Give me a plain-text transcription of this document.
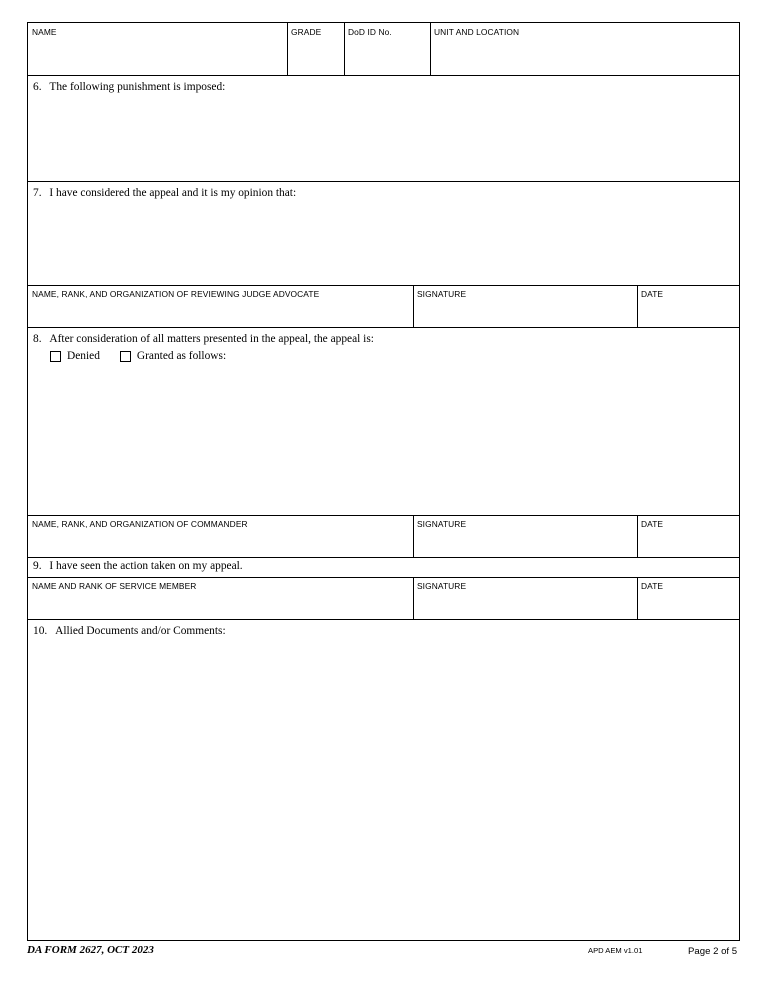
NAME	GRADE	DoD ID No.	UNIT AND LOCATION
6. The following punishment is imposed:
7. I have considered the appeal and it is my opinion that:
NAME, RANK, AND ORGANIZATION OF REVIEWING JUDGE ADVOCATE	SIGNATURE	DATE
8. After consideration of all matters presented in the appeal, the appeal is:
Denied	Granted as follows:
NAME, RANK, AND ORGANIZATION OF COMMANDER	SIGNATURE	DATE
9. I have seen the action taken on my appeal.
NAME AND RANK OF SERVICE MEMBER	SIGNATURE	DATE
10. Allied Documents and/or Comments:
DA FORM 2627, OCT 2023	APD AEM v1.01	Page 2 of 5
